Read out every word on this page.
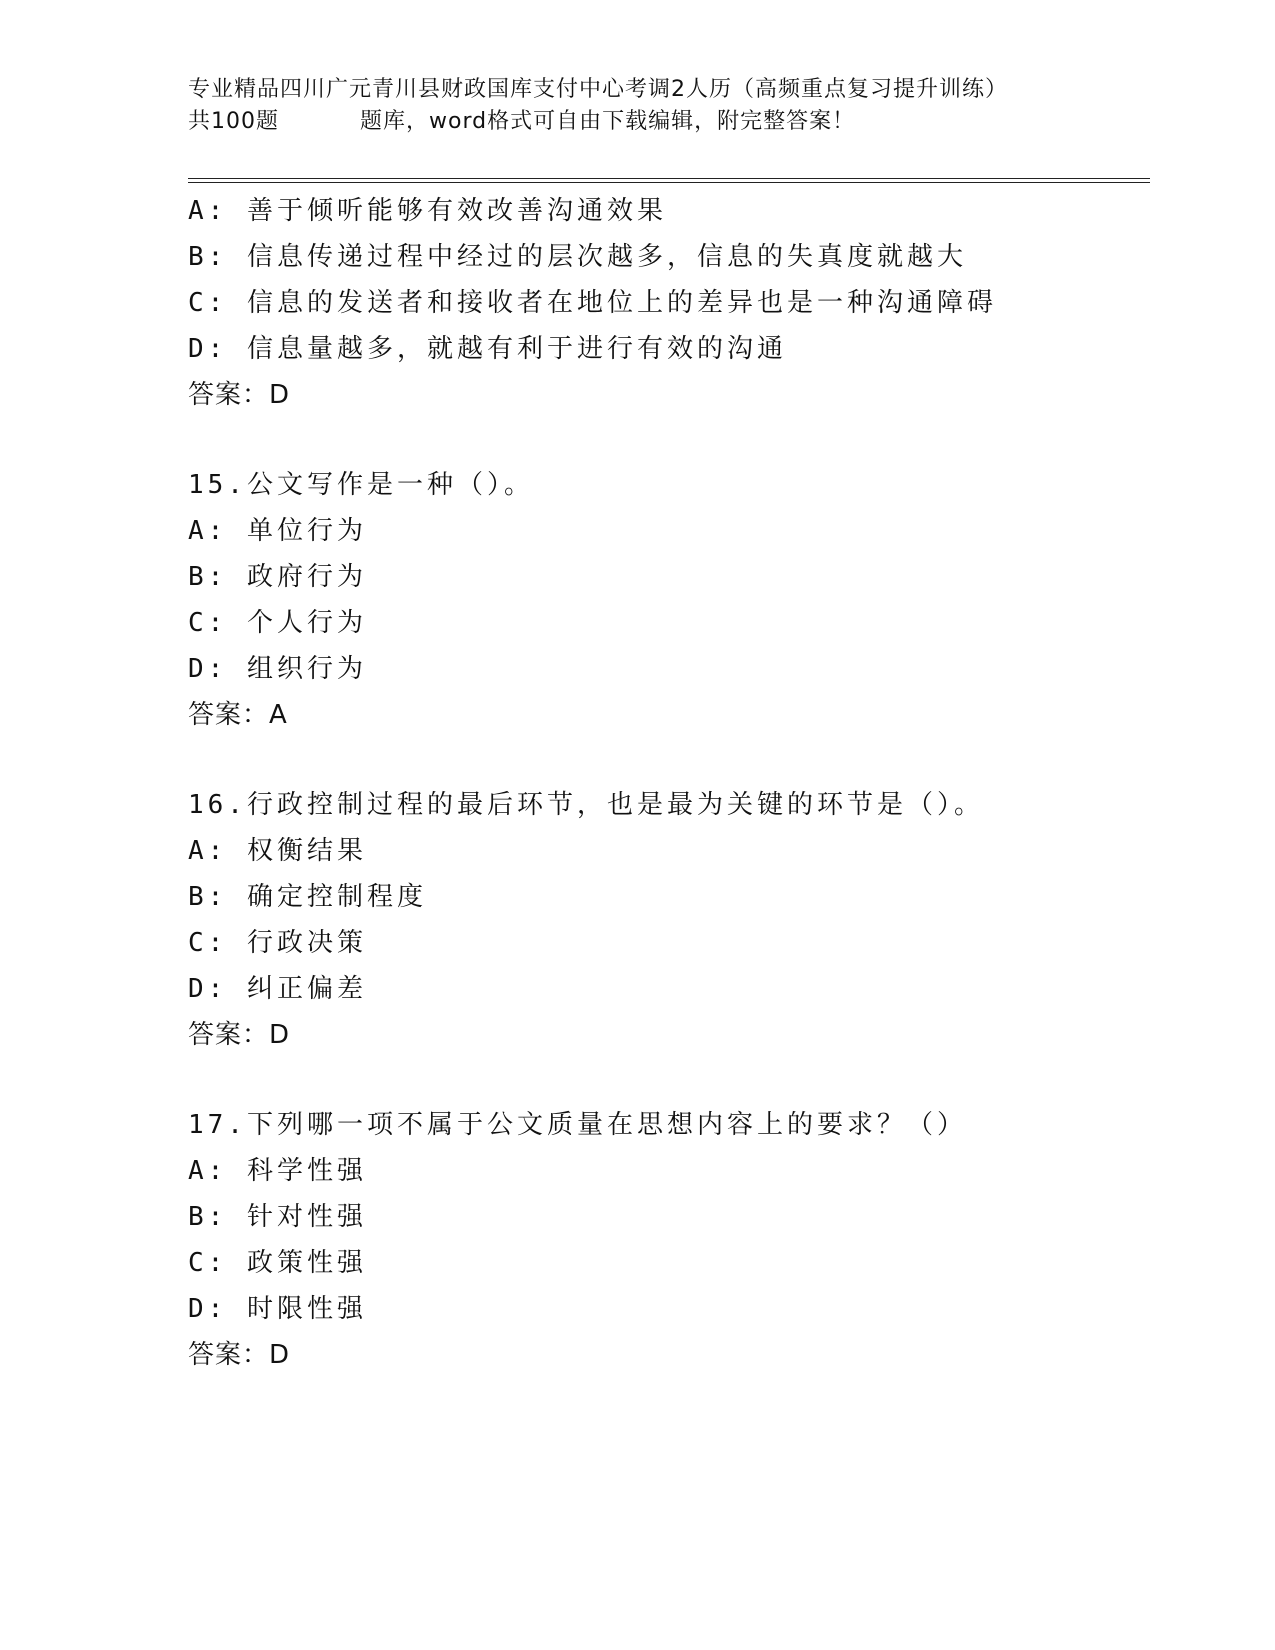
专业精品四川广元青川县财政国库支付中心考调2人历（高频重点复习提升训练）
共100题	题库，word格式可自由下载编辑，附完整答案！
A: 善于倾听能够有效改善沟通效果
B: 信息传递过程中经过的层次越多，信息的失真度就越大
C: 信息的发送者和接收者在地位上的差异也是一种沟通障碍
D: 信息量越多，就越有利于进行有效的沟通
答案：D
15.公文写作是一种（）。
A: 单位行为
B: 政府行为
C: 个人行为
D: 组织行为
答案：A
16.行政控制过程的最后环节，也是最为关键的环节是（）。
A: 权衡结果
B: 确定控制程度
C: 行政决策
D: 纠正偏差
答案：D
17.下列哪一项不属于公文质量在思想内容上的要求？（）
A: 科学性强
B: 针对性强
C: 政策性强
D: 时限性强
答案：D
